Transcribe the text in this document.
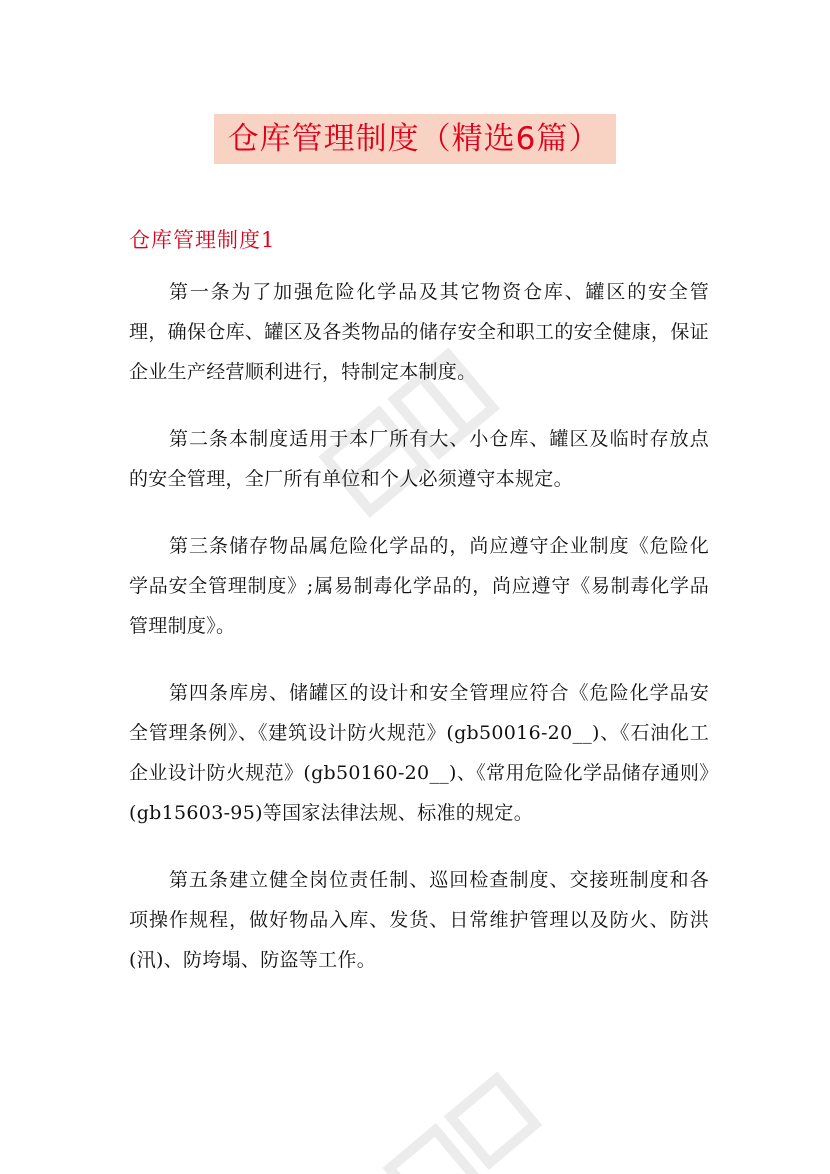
仓库管理制度（精选6篇）
仓库管理制度1

第一条为了加强危险化学品及其它物资仓库、罐区的安全管理，确保仓库、罐区及各类物品的储存安全和职工的安全健康，保证企业生产经营顺利进行，特制定本制度。

第二条本制度适用于本厂所有大、小仓库、罐区及临时存放点的安全管理，全厂所有单位和个人必须遵守本规定。

第三条储存物品属危险化学品的，尚应遵守企业制度《危险化学品安全管理制度》;属易制毒化学品的，尚应遵守《易制毒化学品管理制度》。

第四条库房、储罐区的设计和安全管理应符合《危险化学品安全管理条例》、《建筑设计防火规范》(gb50016-20__)、《石油化工企业设计防火规范》(gb50160-20__)、《常用危险化学品储存通则》(gb15603-95)等国家法律法规、标准的规定。

第五条建立健全岗位责任制、巡回检查制度、交接班制度和各项操作规程，做好物品入库、发货、日常维护管理以及防火、防洪(汛)、防垮塌、防盗等工作。
